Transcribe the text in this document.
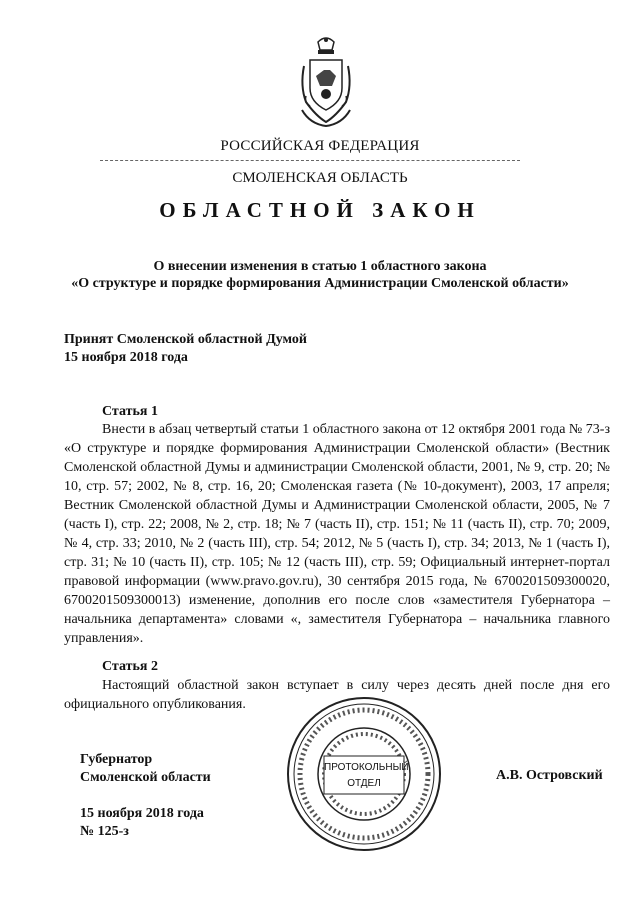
РОССИЙСКАЯ ФЕДЕРАЦИЯ
СМОЛЕНСКАЯ ОБЛАСТЬ
ОБЛАСТНОЙ ЗАКОН
О внесении изменения в статью 1 областного закона
«О структуре и порядке формирования Администрации Смоленской области»
Принят Смоленской областной Думой
15 ноября 2018 года
Статья 1
Внести в абзац четвертый статьи 1 областного закона от 12 октября 2001 года № 73-з «О структуре и порядке формирования Администрации Смоленской области» (Вестник Смоленской областной Думы и администрации Смоленской области, 2001, № 9, стр. 20; № 10, стр. 57; 2002, № 8, стр. 16, 20; Смоленская газета (№ 10-документ), 2003, 17 апреля; Вестник Смоленской областной Думы и Администрации Смоленской области, 2005, № 7 (часть I), стр. 22; 2008, № 2, стр. 18; № 7 (часть II), стр. 151; № 11 (часть II), стр. 70; 2009, № 4, стр. 33; 2010, № 2 (часть III), стр. 54; 2012, № 5 (часть I), стр. 34; 2013, № 1 (часть I), стр. 31; № 10 (часть II), стр. 105; № 12 (часть III), стр. 59; Официальный интернет-портал правовой информации (www.pravo.gov.ru), 30 сентября 2015 года, № 6700201509300020, 6700201509300013) изменение, дополнив его после слов «заместителя Губернатора – начальника департамента» словами «, заместителя Губернатора – начальника главного управления».
Статья 2
Настоящий областной закон вступает в силу через десять дней после дня его официального опубликования.
Губернатор
Смоленской области	А.В. Островский
15 ноября 2018 года
№ 125-з
ПРОТОКОЛЬНЫЙ
ОТДЕЛ
